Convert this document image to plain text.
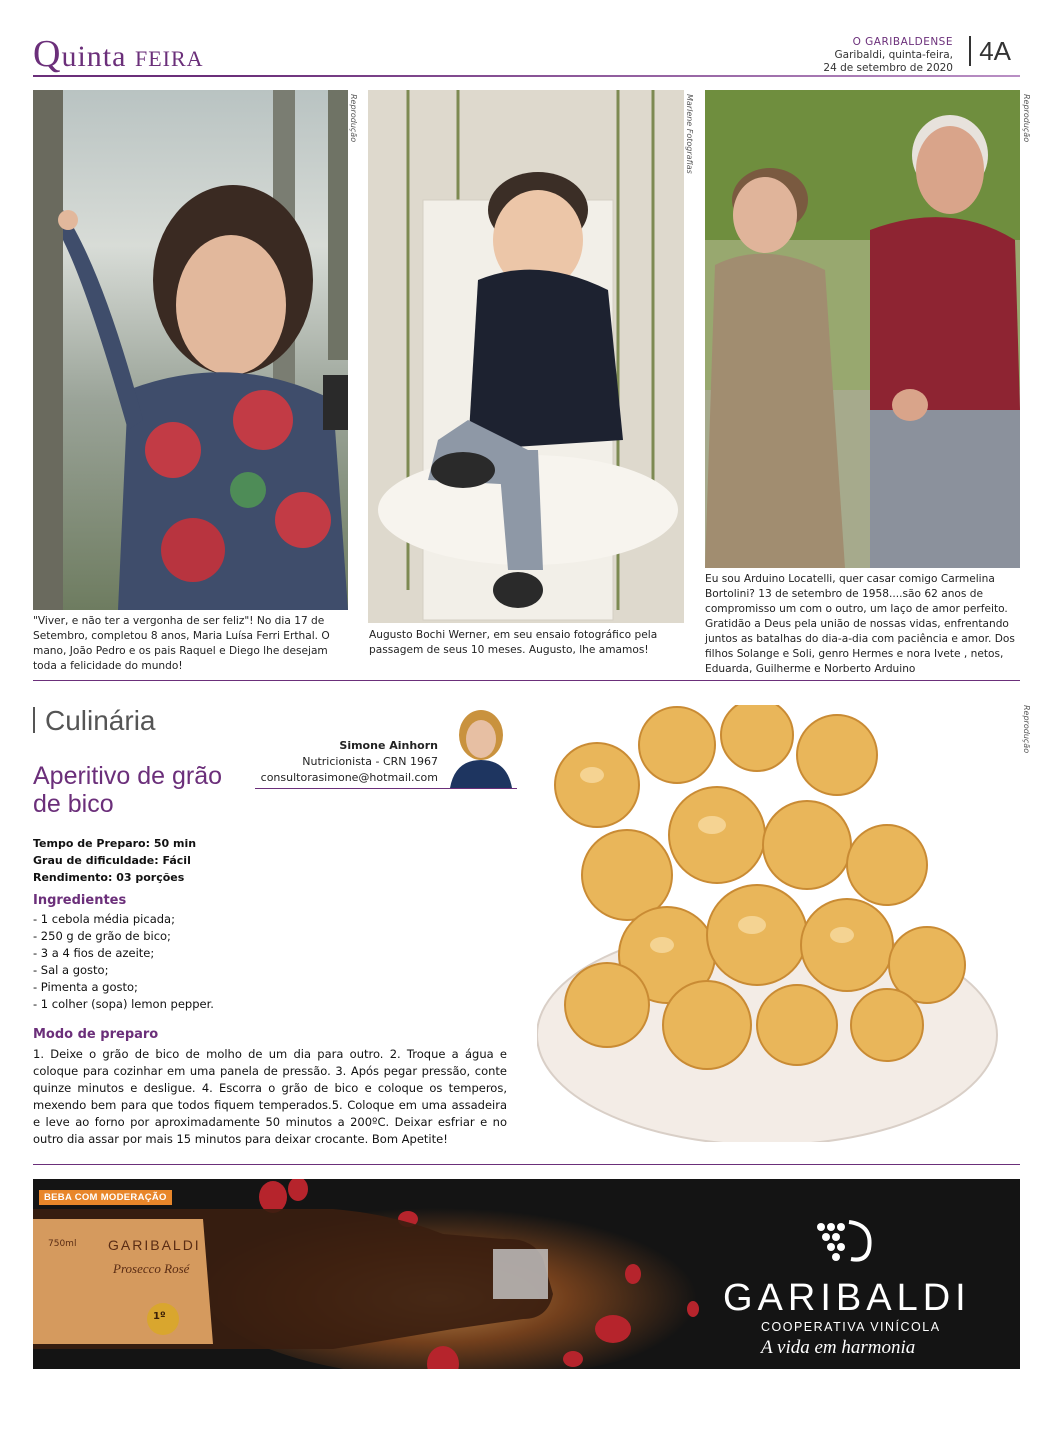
Quinta FEIRA
O GARIBALDENSE
Garibaldi, quinta-feira,
24 de setembro de 2020
4A
Reprodução
"Viver, e não ter a vergonha de ser feliz"! No dia 17 de Setembro, completou 8 anos, Maria Luísa Ferri Erthal. O mano, João Pedro e os pais Raquel e Diego lhe desejam toda a felicidade do mundo!
Marlene Fotografias
Augusto Bochi Werner, em seu ensaio fotográfico pela passagem de seus 10 meses. Augusto, lhe amamos!
Reprodução
Eu sou Arduino Locatelli, quer casar comigo Carmelina Bortolini? 13 de setembro de 1958....são 62 anos de compromisso um com o outro, um laço de amor perfeito. Gratidão a Deus pela união de nossas vidas, enfrentando juntos as batalhas do dia-a-dia com paciência e amor. Dos filhos Solange e Soli, genro Hermes e nora Ivete , netos, Eduarda, Guilherme e Norberto Arduino
Culinária
Aperitivo de grão de bico
Simone Ainhorn
Nutricionista - CRN 1967
consultorasimone@hotmail.com
Tempo de Preparo: 50 min
Grau de dificuldade: Fácil
Rendimento: 03 porções
Ingredientes
- 1 cebola média picada;
- 250 g de grão de bico;
- 3 a 4 fios de azeite;
- Sal a gosto;
- Pimenta a gosto;
- 1 colher (sopa) lemon pepper.
Modo de preparo
1. Deixe o grão de bico de molho de um dia para outro. 2. Troque a água e coloque para cozinhar em uma panela de pressão. 3. Após pegar pressão, conte quinze minutos e desligue. 4. Escorra o grão de bico e coloque os temperos, mexendo bem para que todos fiquem temperados.5. Coloque em uma assadeira e leve ao forno por aproximadamente 50 minutos a 200ºC. Deixar esfriar e no outro dia assar por mais 15 minutos para deixar crocante. Bom Apetite!
Reprodução
BEBA COM MODERAÇÃO
GARIBALDI
Prosecco Rosé
750ml
1º	GARIBALDI
COOPERATIVA VINÍCOLA
A vida em harmonia
